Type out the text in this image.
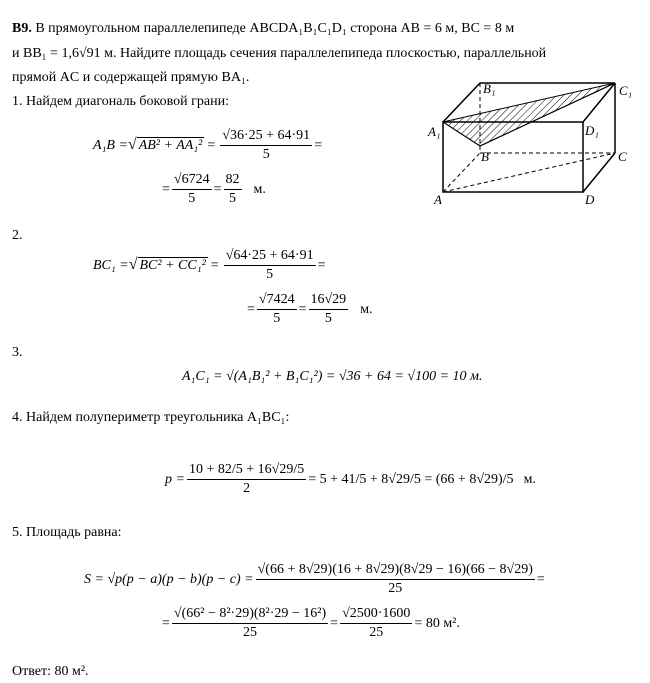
В9. В прямоугольном параллелепипеде ABCDA₁B₁C₁D₁ сторона AB = 6 м, BC = 8 м
и BB₁ = 1,6√91 м. Найдите площадь сечения параллелепипеда плоскостью, параллельной
прямой AC и содержащей прямую BA₁.
B₁	C₁
A₁	D₁
B	C
A	D
1. Найдем диагональ боковой грани:
A₁B = √ $AB^2 + AA_1^2 = \frac{√36\cdot 25 + 64\cdot 91}{5}$ =
= $\frac{√6724}{5} = \frac{82}{5} м$.
2.
BC₁ = √ $BC^2 + CC_1^2 = \frac{√64\cdot 25 + 64\cdot 91}{5}$ =
= $\frac{√7424}{5} = \frac{16√29}{5} м$.
3.
A₁C₁ = √(A₁B₁² + B₁C₁²) = √36 + 64 = √100 = 10 м.
4. Найдем полупериметр треугольника A₁BC₁:
$p = \frac{10 + 82/5 + 16√29/5}{2} = 5 + 41/5 + 8√29/5 = (66 + 8√29)/5$ м.
5. Площадь равна:
$S = √p(p - a)(p - b)(p - c) = \frac{√(66 + 8√29)(16 + 8√29)(8√29 - 16)(66 - 8√29)}{25}$ =
= $\frac{\text{√(66² − 8²·29)(8²·29 − 16²)}}{25} = \frac{√2500\cdot 1600}{25} = 80$ м².
Ответ: 80 м².
